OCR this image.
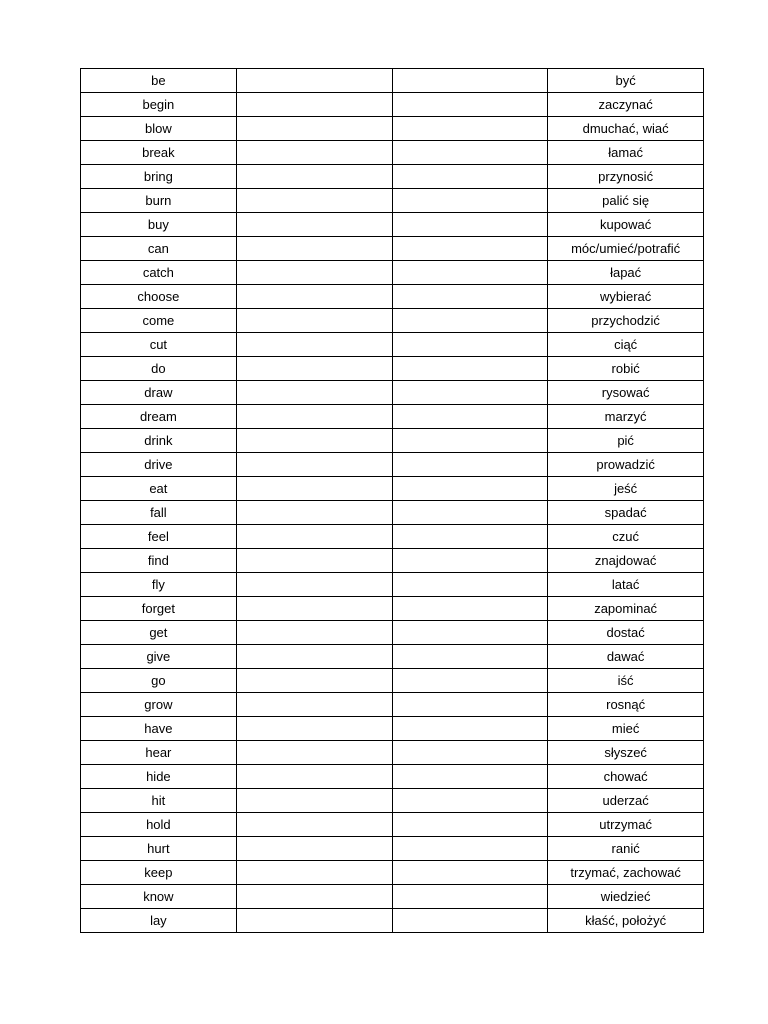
be			być
begin			zaczynać
blow			dmuchać, wiać
break			łamać
bring			przynosić
burn			palić się
buy			kupować
can			móc/umieć/potrafić
catch			łapać
choose			wybierać
come			przychodzić
cut			ciąć
do			robić
draw			rysować
dream			marzyć
drink			pić
drive			prowadzić
eat			jeść
fall			spadać
feel			czuć
find			znajdować
fly			latać
forget			zapominać
get			dostać
give			dawać
go			iść
grow			rosnąć
have			mieć
hear			słyszeć
hide			chować
hit			uderzać
hold			utrzymać
hurt			ranić
keep			trzymać, zachować
know			wiedzieć
lay			kłaść, położyć
